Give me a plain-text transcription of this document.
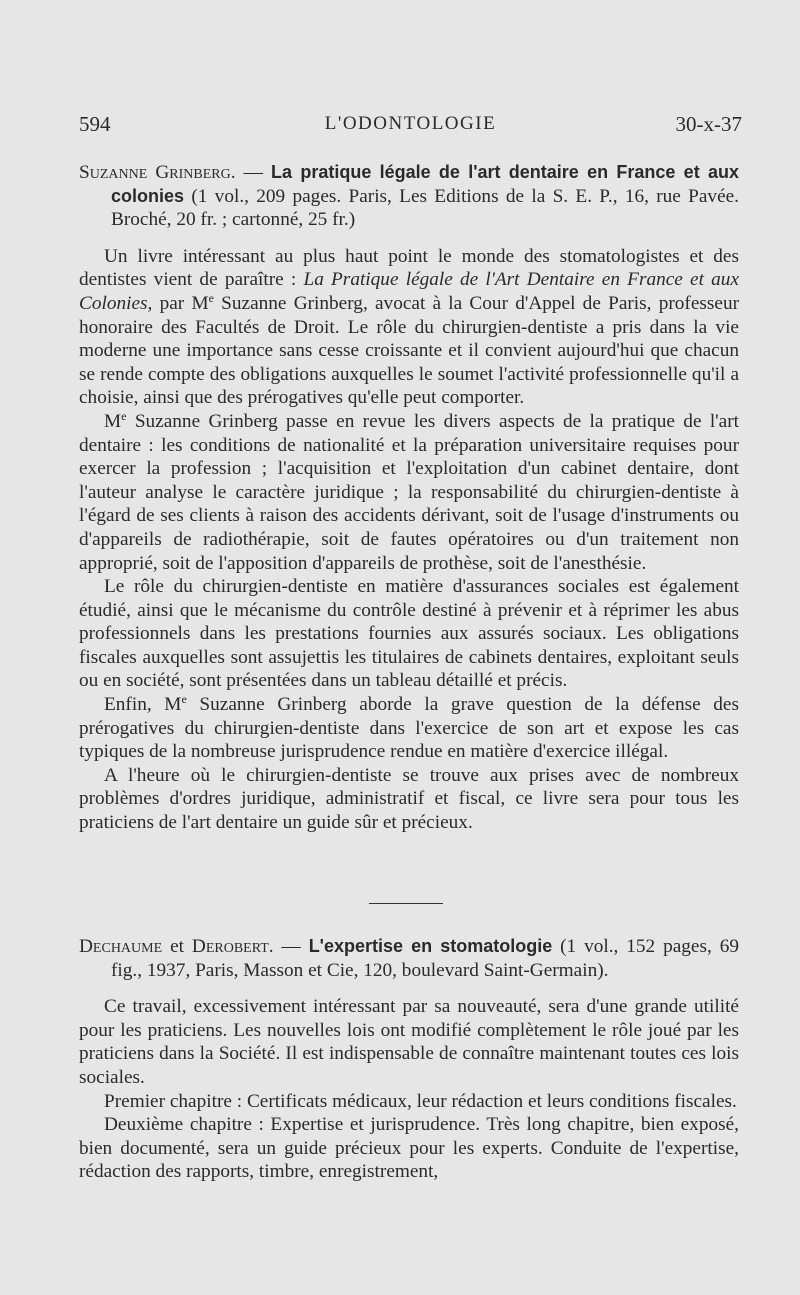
594	L'ODONTOLOGIE	30-x-37

Suzanne Grinberg. — La pratique légale de l'art dentaire en France et aux colonies (1 vol., 209 pages. Paris, Les Editions de la S. E. P., 16, rue Pavée. Broché, 20 fr. ; cartonné, 25 fr.)

Un livre intéressant au plus haut point le monde des stomatologistes et des dentistes vient de paraître : La Pratique légale de l'Art Dentaire en France et aux Colonies, par Me Suzanne Grinberg, avocat à la Cour d'Appel de Paris, professeur honoraire des Facultés de Droit. Le rôle du chirurgien-dentiste a pris dans la vie moderne une importance sans cesse croissante et il convient aujourd'hui que chacun se rende compte des obligations auxquelles le soumet l'activité professionnelle qu'il a choisie, ainsi que des prérogatives qu'elle peut comporter.

Me Suzanne Grinberg passe en revue les divers aspects de la pratique de l'art dentaire : les conditions de nationalité et la préparation universitaire requises pour exercer la profession ; l'acquisition et l'exploitation d'un cabinet dentaire, dont l'auteur analyse le caractère juridique ; la responsabilité du chirurgien-dentiste à l'égard de ses clients à raison des accidents dérivant, soit de l'usage d'instruments ou d'appareils de radiothérapie, soit de fautes opératoires ou d'un traitement non approprié, soit de l'apposition d'appareils de prothèse, soit de l'anesthésie.

Le rôle du chirurgien-dentiste en matière d'assurances sociales est également étudié, ainsi que le mécanisme du contrôle destiné à prévenir et à réprimer les abus professionnels dans les prestations fournies aux assurés sociaux. Les obligations fiscales auxquelles sont assujettis les titulaires de cabinets dentaires, exploitant seuls ou en société, sont présentées dans un tableau détaillé et précis.

Enfin, Me Suzanne Grinberg aborde la grave question de la défense des prérogatives du chirurgien-dentiste dans l'exercice de son art et expose les cas typiques de la nombreuse jurisprudence rendue en matière d'exercice illégal.

A l'heure où le chirurgien-dentiste se trouve aux prises avec de nombreux problèmes d'ordres juridique, administratif et fiscal, ce livre sera pour tous les praticiens de l'art dentaire un guide sûr et précieux.

Dechaume et Derobert. — L'expertise en stomatologie (1 vol., 152 pages, 69 fig., 1937, Paris, Masson et Cie, 120, boulevard Saint-Germain).

Ce travail, excessivement intéressant par sa nouveauté, sera d'une grande utilité pour les praticiens. Les nouvelles lois ont modifié complètement le rôle joué par les praticiens dans la Société. Il est indispensable de connaître maintenant toutes ces lois sociales.

Premier chapitre : Certificats médicaux, leur rédaction et leurs conditions fiscales.

Deuxième chapitre : Expertise et jurisprudence. Très long chapitre, bien exposé, bien documenté, sera un guide précieux pour les experts. Conduite de l'expertise, rédaction des rapports, timbre, enregistrement,
